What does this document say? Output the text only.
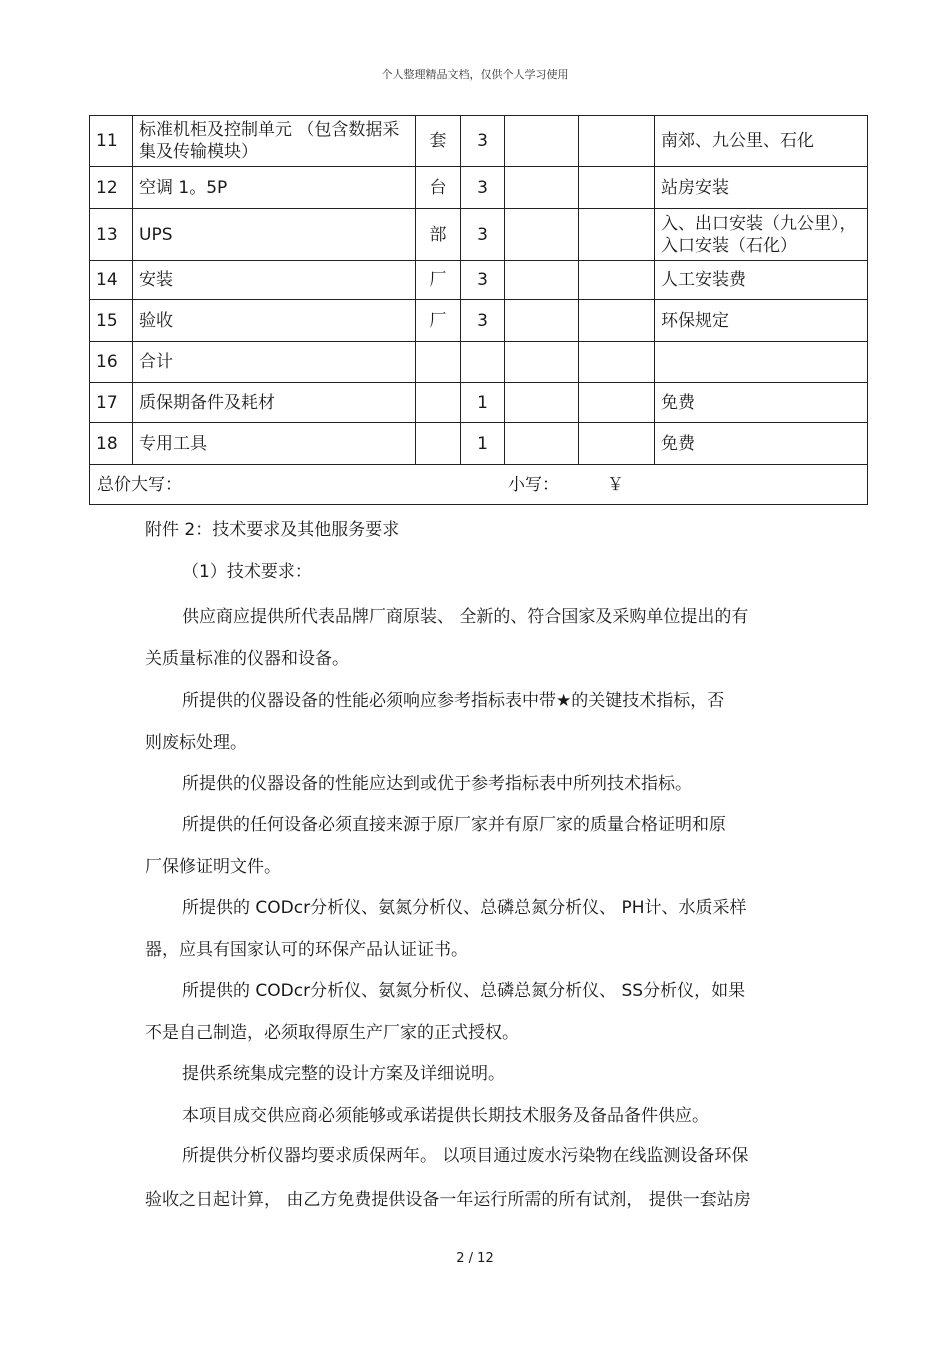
个人整理精品文档，仅供个人学习使用
11	标准机柜及控制单元 （包含数据采集及传输模块）	套	3			南郊、九公里、石化
12	空调 1。5P	台	3			站房安装
13	UPS	部	3			入、出口安装（九公里），入口安装（石化）
14	安装	厂	3			人工安装费
15	验收	厂	3			环保规定
16	合计					
17	质保期备件及耗材		1			免费
18	专用工具		1			免费

总价大写： 小写： ￥						
附件 2：技术要求及其他服务要求
（1）技术要求：
供应商应提供所代表品牌厂商原装、 全新的、符合国家及采购单位提出的有
关质量标准的仪器和设备。
所提供的仪器设备的性能必须响应参考指标表中带★的关键技术指标，否
则废标处理。
所提供的仪器设备的性能应达到或优于参考指标表中所列技术指标。
所提供的任何设备必须直接来源于原厂家并有原厂家的质量合格证明和原
厂保修证明文件。
所提供的 CODcr分析仪、氨氮分析仪、总磷总氮分析仪、 PH计、水质采样
器，应具有国家认可的环保产品认证证书。
所提供的 CODcr分析仪、氨氮分析仪、总磷总氮分析仪、 SS分析仪，如果
不是自己制造，必须取得原生产厂家的正式授权。
提供系统集成完整的设计方案及详细说明。
本项目成交供应商必须能够或承诺提供长期技术服务及备品备件供应。
所提供分析仪器均要求质保两年。 以项目通过废水污染物在线监测设备环保
验收之日起计算， 由乙方免费提供设备一年运行所需的所有试剂， 提供一套站房
2 / 12
